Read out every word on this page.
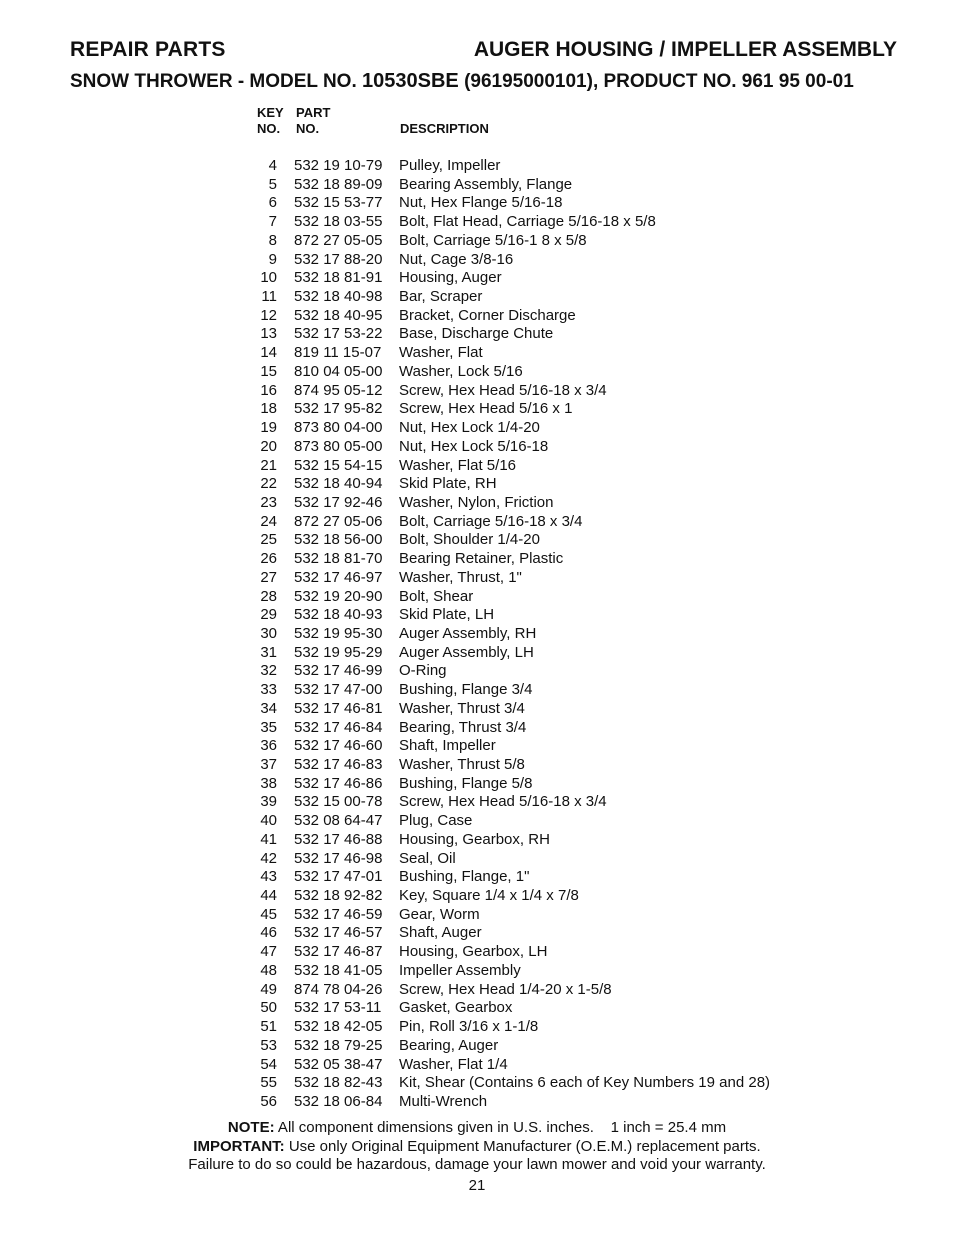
REPAIR PARTS	AUGER HOUSING / IMPELLER ASSEMBLY
SNOW THROWER - MODEL NO. 10530SBE (96195000101), PRODUCT NO. 961 95 00-01
KEY
NO.
PART
NO.	DESCRIPTION
4 532 19 10-79 Pulley, Impeller
5 532 18 89-09 Bearing Assembly, Flange
6 532 15 53-77 Nut, Hex Flange 5/16-18
7 532 18 03-55 Bolt, Flat Head, Carriage 5/16-18 x 5/8
8 872 27 05-05 Bolt, Carriage 5/16-1 8 x 5/8
9 532 17 88-20 Nut, Cage 3/8-16
10 532 18 81-91 Housing, Auger
11 532 18 40-98 Bar, Scraper
12 532 18 40-95 Bracket, Corner Discharge
13 532 17 53-22 Base, Discharge Chute
14 819 11 15-07 Washer, Flat
15 810 04 05-00 Washer, Lock 5/16
16 874 95 05-12 Screw, Hex Head 5/16-18 x 3/4
18 532 17 95-82 Screw, Hex Head 5/16 x 1
19 873 80 04-00 Nut, Hex Lock 1/4-20
20 873 80 05-00 Nut, Hex Lock 5/16-18
21 532 15 54-15 Washer, Flat 5/16
22 532 18 40-94 Skid Plate, RH
23 532 17 92-46 Washer, Nylon, Friction
24 872 27 05-06 Bolt, Carriage 5/16-18 x 3/4
25 532 18 56-00 Bolt, Shoulder 1/4-20
26 532 18 81-70 Bearing Retainer, Plastic
27 532 17 46-97 Washer, Thrust, 1"
28 532 19 20-90 Bolt, Shear
29 532 18 40-93 Skid Plate, LH
30 532 19 95-30 Auger Assembly, RH
31 532 19 95-29 Auger Assembly, LH
32 532 17 46-99 O-Ring
33 532 17 47-00 Bushing, Flange 3/4
34 532 17 46-81 Washer, Thrust 3/4
35 532 17 46-84 Bearing, Thrust 3/4
36 532 17 46-60 Shaft, Impeller
37 532 17 46-83 Washer, Thrust 5/8
38 532 17 46-86 Bushing, Flange 5/8
39 532 15 00-78 Screw, Hex Head 5/16-18 x 3/4
40 532 08 64-47 Plug, Case
41 532 17 46-88 Housing, Gearbox, RH
42 532 17 46-98 Seal, Oil
43 532 17 47-01 Bushing, Flange, 1"
44 532 18 92-82 Key, Square 1/4 x 1/4 x 7/8
45 532 17 46-59 Gear, Worm
46 532 17 46-57 Shaft, Auger
47 532 17 46-87 Housing, Gearbox, LH
48 532 18 41-05 Impeller Assembly
49 874 78 04-26 Screw, Hex Head 1/4-20 x 1-5/8
50 532 17 53-11 Gasket, Gearbox
51 532 18 42-05 Pin, Roll 3/16 x 1-1/8
53 532 18 79-25 Bearing, Auger
54 532 05 38-47 Washer, Flat 1/4
55 532 18 82-43 Kit, Shear (Contains 6 each of Key Numbers 19 and 28)
56 532 18 06-84 Multi-Wrench
NOTE: All component dimensions given in U.S. inches.    1 inch = 25.4 mm
IMPORTANT: Use only Original Equipment Manufacturer (O.E.M.) replacement parts.
Failure to do so could be hazardous, damage your lawn mower and void your warranty.
21
